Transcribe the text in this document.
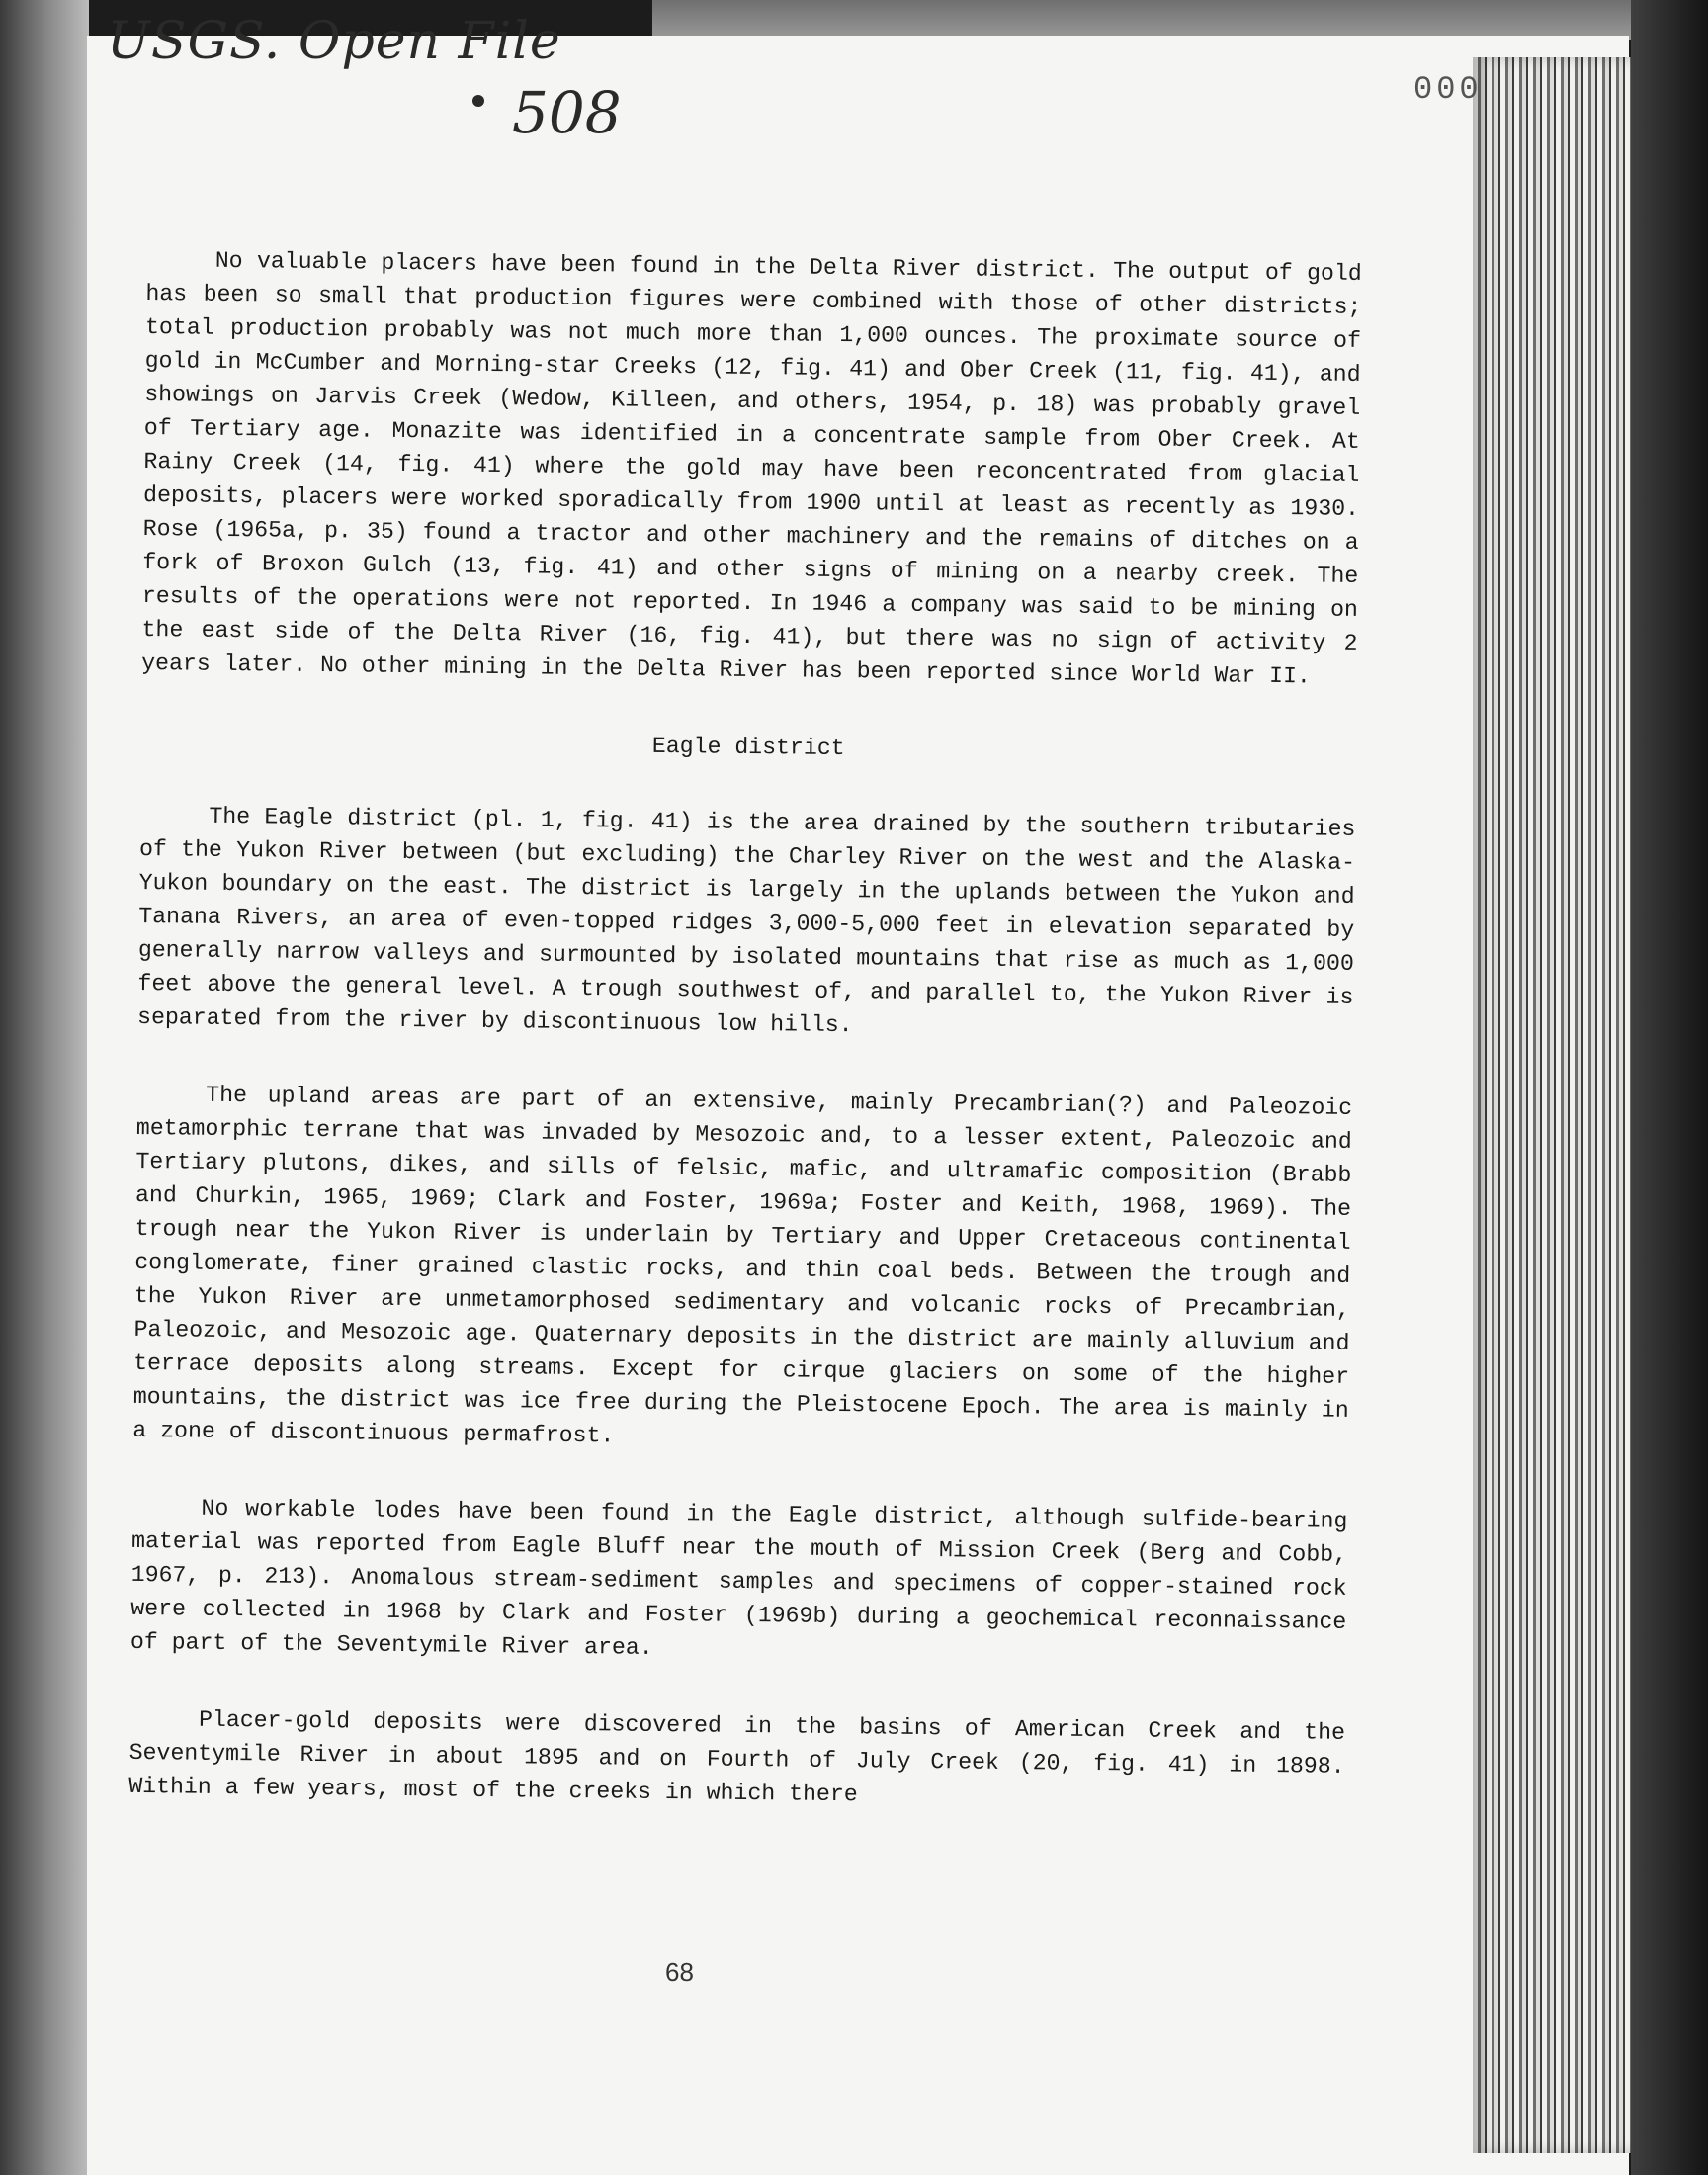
USGS. Open File
508	000

No valuable placers have been found in the Delta River district. The output of gold has been so small that production figures were combined with those of other districts; total production probably was not much more than 1,000 ounces. The proximate source of gold in McCumber and Morning-star Creeks (12, fig. 41) and Ober Creek (11, fig. 41), and showings on Jarvis Creek (Wedow, Killeen, and others, 1954, p. 18) was probably gravel of Tertiary age. Monazite was identified in a concentrate sample from Ober Creek. At Rainy Creek (14, fig. 41) where the gold may have been reconcentrated from glacial deposits, placers were worked sporadically from 1900 until at least as recently as 1930. Rose (1965a, p. 35) found a tractor and other machinery and the remains of ditches on a fork of Broxon Gulch (13, fig. 41) and other signs of mining on a nearby creek. The results of the operations were not reported. In 1946 a company was said to be mining on the east side of the Delta River (16, fig. 41), but there was no sign of activity 2 years later. No other mining in the Delta River has been reported since World War II.

Eagle district

The Eagle district (pl. 1, fig. 41) is the area drained by the southern tributaries of the Yukon River between (but excluding) the Charley River on the west and the Alaska-Yukon boundary on the east. The district is largely in the uplands between the Yukon and Tanana Rivers, an area of even-topped ridges 3,000-5,000 feet in elevation separated by generally narrow valleys and surmounted by isolated mountains that rise as much as 1,000 feet above the general level. A trough southwest of, and parallel to, the Yukon River is separated from the river by discontinuous low hills.

The upland areas are part of an extensive, mainly Precambrian(?) and Paleozoic metamorphic terrane that was invaded by Mesozoic and, to a lesser extent, Paleozoic and Tertiary plutons, dikes, and sills of felsic, mafic, and ultramafic composition (Brabb and Churkin, 1965, 1969; Clark and Foster, 1969a; Foster and Keith, 1968, 1969). The trough near the Yukon River is underlain by Tertiary and Upper Cretaceous continental conglomerate, finer grained clastic rocks, and thin coal beds. Between the trough and the Yukon River are unmetamorphosed sedimentary and volcanic rocks of Precambrian, Paleozoic, and Mesozoic age. Quaternary deposits in the district are mainly alluvium and terrace deposits along streams. Except for cirque glaciers on some of the higher mountains, the district was ice free during the Pleistocene Epoch. The area is mainly in a zone of discontinuous permafrost.

No workable lodes have been found in the Eagle district, although sulfide-bearing material was reported from Eagle Bluff near the mouth of Mission Creek (Berg and Cobb, 1967, p. 213). Anomalous stream-sediment samples and specimens of copper-stained rock were collected in 1968 by Clark and Foster (1969b) during a geochemical reconnaissance of part of the Seventymile River area.

Placer-gold deposits were discovered in the basins of American Creek and the Seventymile River in about 1895 and on Fourth of July Creek (20, fig. 41) in 1898. Within a few years, most of the creeks in which there

68
